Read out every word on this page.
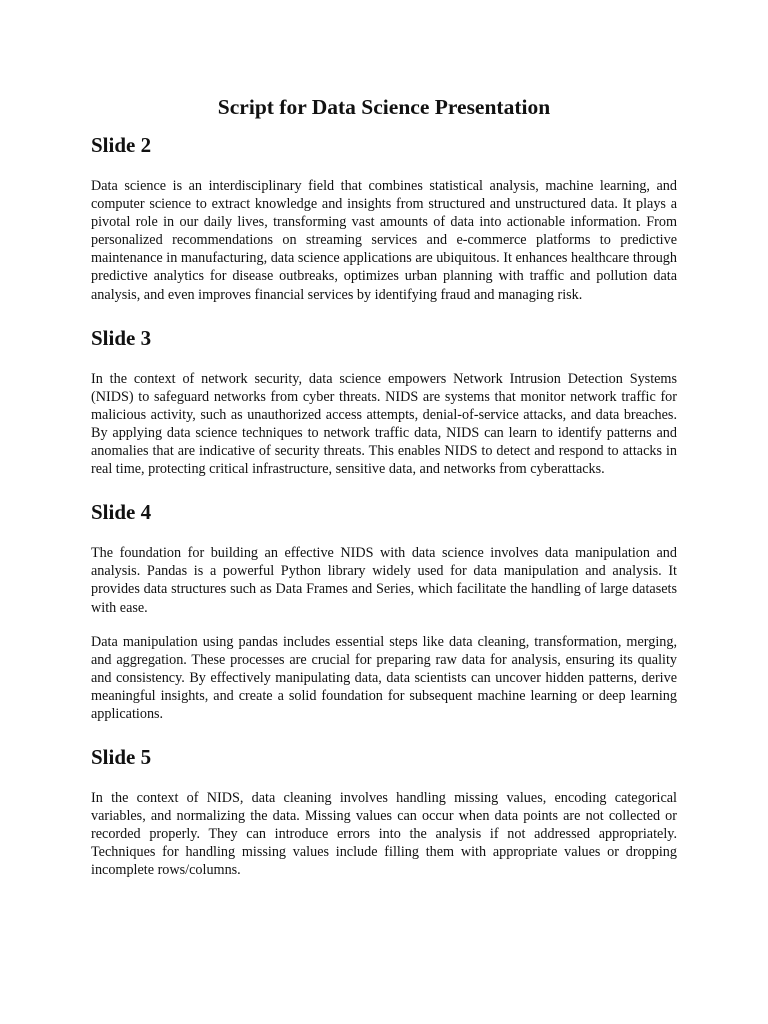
Script for Data Science Presentation
Slide 2

Data science is an interdisciplinary field that combines statistical analysis, machine learning, and computer science to extract knowledge and insights from structured and unstructured data. It plays a pivotal role in our daily lives, transforming vast amounts of data into actionable information. From personalized recommendations on streaming services and e-commerce platforms to predictive maintenance in manufacturing, data science applications are ubiquitous. It enhances healthcare through predictive analytics for disease outbreaks, optimizes urban planning with traffic and pollution data analysis, and even improves financial services by identifying fraud and managing risk.

Slide 3

In the context of network security, data science empowers Network Intrusion Detection Systems (NIDS) to safeguard networks from cyber threats. NIDS are systems that monitor network traffic for malicious activity, such as unauthorized access attempts, denial-of-service attacks, and data breaches. By applying data science techniques to network traffic data, NIDS can learn to identify patterns and anomalies that are indicative of security threats. This enables NIDS to detect and respond to attacks in real time, protecting critical infrastructure, sensitive data, and networks from cyberattacks.

Slide 4

The foundation for building an effective NIDS with data science involves data manipulation and analysis. Pandas is a powerful Python library widely used for data manipulation and analysis. It provides data structures such as Data Frames and Series, which facilitate the handling of large datasets with ease.

Data manipulation using pandas includes essential steps like data cleaning, transformation, merging, and aggregation. These processes are crucial for preparing raw data for analysis, ensuring its quality and consistency. By effectively manipulating data, data scientists can uncover hidden patterns, derive meaningful insights, and create a solid foundation for subsequent machine learning or deep learning applications.

Slide 5

In the context of NIDS, data cleaning involves handling missing values, encoding categorical variables, and normalizing the data. Missing values can occur when data points are not collected or recorded properly. They can introduce errors into the analysis if not addressed appropriately. Techniques for handling missing values include filling them with appropriate values or dropping incomplete rows/columns.
